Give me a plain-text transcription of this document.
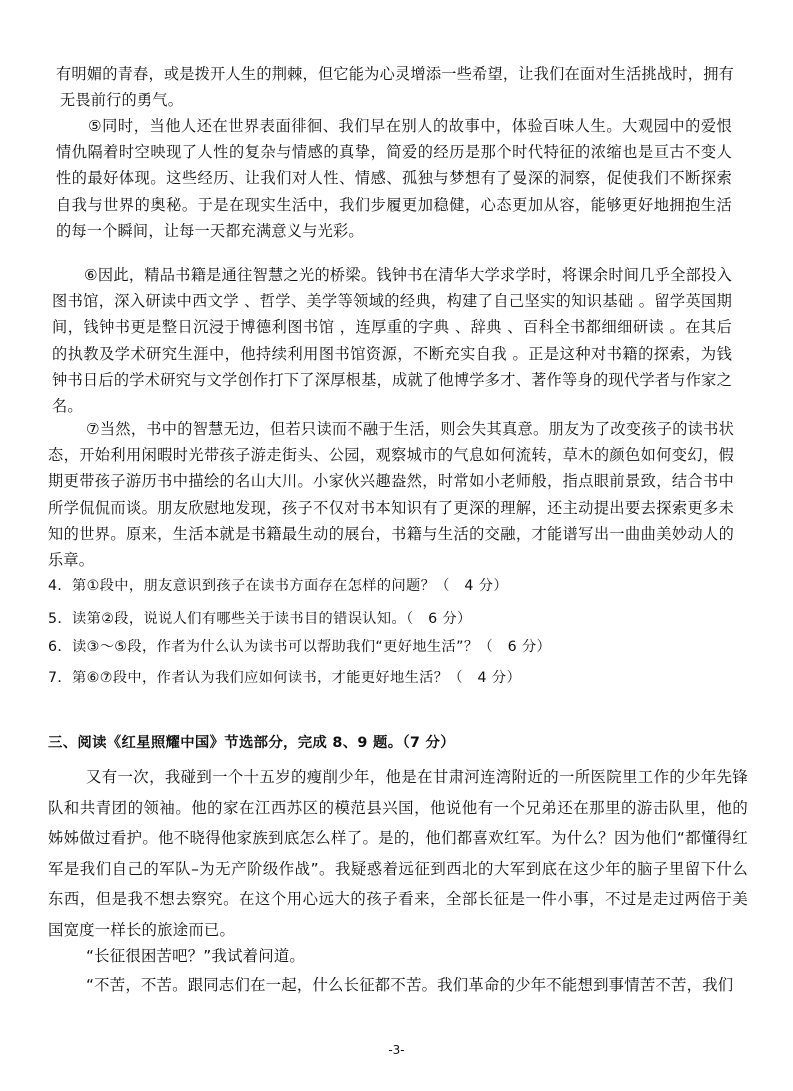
有明媚的青春，或是拨开人生的荆棘，但它能为心灵增添一些希望，让我们在面对生活挑战时，拥有无畏前行的勇气。

⑤同时，当他人还在世界表面徘徊、我们早在别人的故事中，体验百味人生。大观园中的爱恨情仇隔着时空映现了人性的复杂与情感的真挚，简爱的经历是那个时代特征的浓缩也是亘古不变人性的最好体现。这些经历、让我们对人性、情感、孤独与梦想有了曼深的洞察，促使我们不断探索自我与世界的奥秘。于是在现实生活中，我们步履更加稳健，心态更加从容，能够更好地拥抱生活的每一个瞬间，让每一天都充满意义与光彩。

⑥因此，精品书籍是通往智慧之光的桥梁。钱钟书在清华大学求学时，将课余时间几乎全部投入图书馆，深入研读中西文学 、哲学、美学等领域的经典，构建了自己坚实的知识基础 。留学英国期间，钱钟书更是整日沉浸于博德利图书馆 ，连厚重的字典 、辞典 、百科全书都细细研读 。在其后的执教及学术研究生涯中，他持续利用图书馆资源，不断充实自我 。正是这种对书籍的探索，为钱钟书日后的学术研究与文学创作打下了深厚根基，成就了他博学多才、著作等身的现代学者与作家之名。

⑦当然，书中的智慧无边，但若只读而不融于生活，则会失其真意。朋友为了改变孩子的读书状态，开始利用闲暇时光带孩子游走街头、公园，观察城市的气息如何流转，草木的颜色如何变幻，假期更带孩子游历书中描绘的名山大川。小家伙兴趣盎然，时常如小老师般，指点眼前景致，结合书中所学侃侃而谈。朋友欣慰地发现，孩子不仅对书本知识有了更深的理解，还主动提出要去探索更多未知的世界。原来，生活本就是书籍最生动的展台，书籍与生活的交融，才能谱写出一曲曲美妙动人的乐章。

4．第①段中，朋友意识到孩子在读书方面存在怎样的问题？（　4 分）

5．读第②段，说说人们有哪些关于读书目的错误认知。（　6 分）

6．读③～⑤段，作者为什么认为读书可以帮助我们“更好地生活”？（　6 分）

7．第⑥⑦段中，作者认为我们应如何读书，才能更好地生活？（　4 分）

三、阅读《红星照耀中国》节选部分，完成 8、9 题。（7 分）

又有一次，我碰到一个十五岁的瘦削少年，他是在甘肃河连湾附近的一所医院里工作的少年先锋队和共青团的领袖。他的家在江西苏区的模范县兴国，他说他有一个兄弟还在那里的游击队里，他的姊姊做过看护。他不晓得他家族到底怎么样了。是的，他们都喜欢红军。为什么？因为他们“都懂得红军是我们自己的军队–为无产阶级作战”。我疑惑着远征到西北的大军到底在这少年的脑子里留下什么东西，但是我不想去察究。在这个用心远大的孩子看来，全部长征是一件小事，不过是走过两倍于美国宽度一样长的旅途而已。

“长征很困苦吧？”我试着问道。

“不苦，不苦。跟同志们在一起，什么长征都不苦。我们革命的少年不能想到事情苦不苦，我们

-3-
